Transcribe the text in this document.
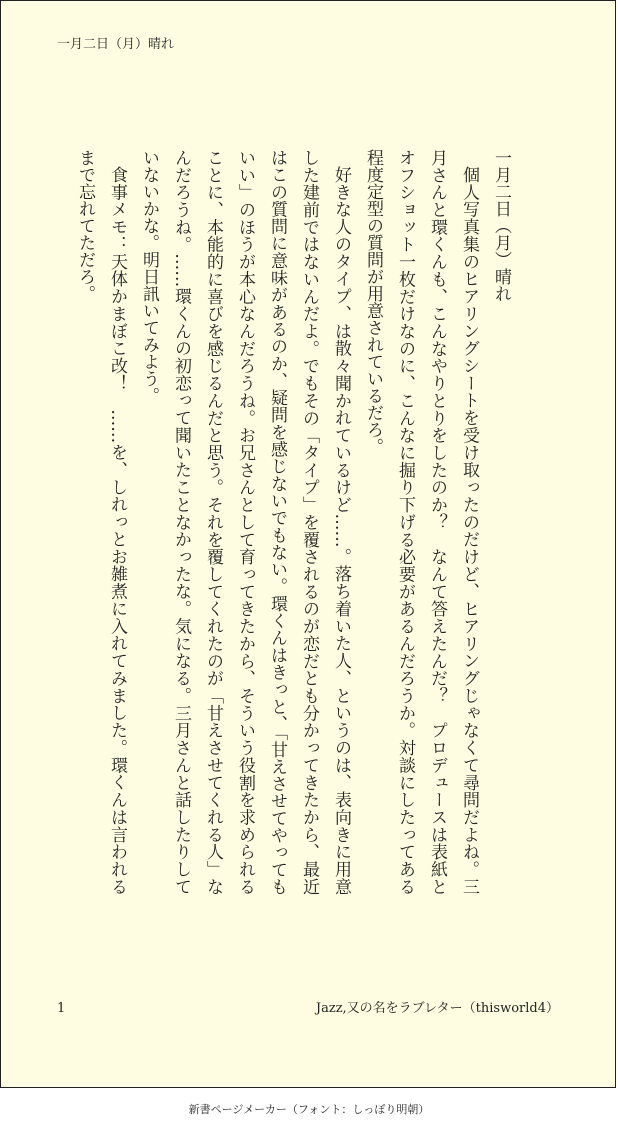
一月二日（月）晴れ
一月二日（月）晴れ

個人写真集のヒアリングシートを受け取ったのだけど、ヒアリングじゃなくて尋問だよね。三月さんと環くんも、こんなやりとりをしたのか？　なんて答えたんだ？　プロデュースは表紙とオフショット一枚だけなのに、こんなに掘り下げる必要があるんだろうか。対談にしたってある程度定型の質問が用意されているだろ。

好きな人のタイプ、は散々聞かれているけど……。落ち着いた人、というのは、表向きに用意した建前ではないんだよ。でもその「タイプ」を覆されるのが恋だとも分かってきたから、最近はこの質問に意味があるのか、疑問を感じないでもない。環くんはきっと、「甘えさせてやってもいい」のほうが本心なんだろうね。お兄さんとして育ってきたから、そういう役割を求められることに、本能的に喜びを感じるんだと思う。それを覆してくれたのが「甘えさせてくれる人」なんだろうね。……環くんの初恋って聞いたことなかったな。気になる。三月さんと話したりしていないかな。明日訊いてみよう。

食事メモ：天体かまぼこ改！　……を、しれっとお雑煮に入れてみました。環くんは言われるまで忘れてただろ。

1	Jazz,又の名をラブレター（thisworld4）
新書ページメーカー（フォント：しっぽり明朝）
